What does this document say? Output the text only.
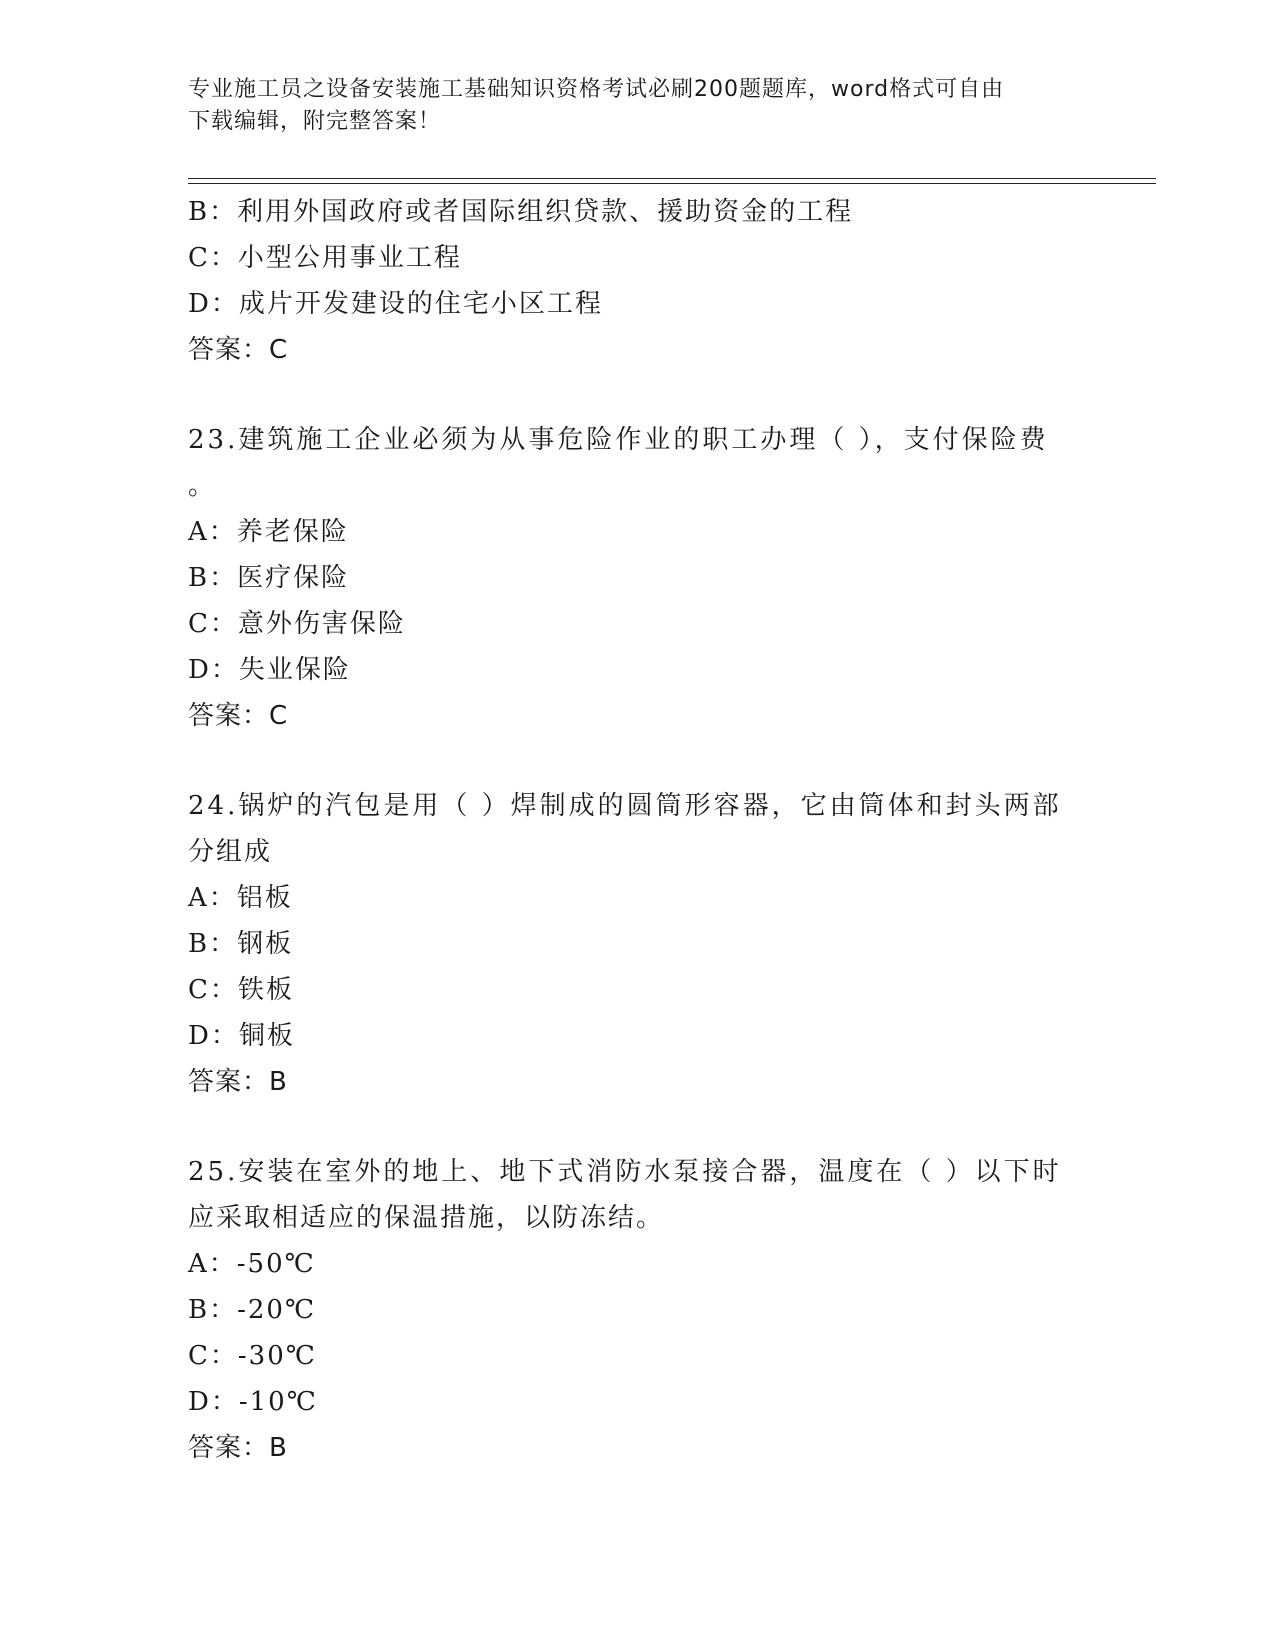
专业施工员之设备安装施工基础知识资格考试必刷200题题库，word格式可自由
下载编辑，附完整答案！
B：利用外国政府或者国际组织贷款、援助资金的工程
C：小型公用事业工程
D：成片开发建设的住宅小区工程
答案：C
23.建筑施工企业必须为从事危险作业的职工办理（ ），支付保险费
。
A：养老保险
B：医疗保险
C：意外伤害保险
D：失业保险
答案：C
24.锅炉的汽包是用（ ）焊制成的圆筒形容器，它由筒体和封头两部
分组成
A：铝板
B：钢板
C：铁板
D：铜板
答案：B
25.安装在室外的地上、地下式消防水泵接合器，温度在（ ）以下时
应采取相适应的保温措施，以防冻结。
A：-50℃
B：-20℃
C：-30℃
D：-10℃
答案：B
